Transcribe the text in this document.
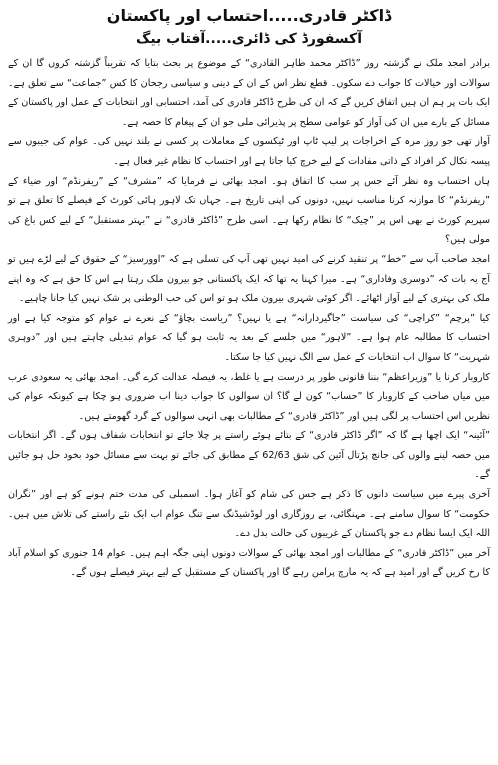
ڈاکٹر قادری.....احتساب اور پاکستان
آکسفورڈ کی ڈائری.....آفتاب بیگ

برادر امجد ملک نے گزشتہ روز ”ڈاکٹر محمد طاہر القادری“ کے موضوع پر بحث بتایا کہ تقریباً گزشتہ کروں گا ان کے سوالات اور خیالات کا جواب دے سکوں۔ قطع نظر اس کے ان کے دینی و سیاسی رجحان کا کس ”جماعت“ سے تعلق ہے۔ ایک بات پر ہم ان ہیں اتفاق کریں گے کہ ان کی طرح ڈاکٹر قادری کی آمد، احتسابی اور انتخابات کے عمل اور پاکستان کے مسائل کے بارے میں ان کی آواز کو عوامی سطح پر پذیرائی ملی جو ان کے پیغام کا حصہ ہے۔

آواز تھی جو روز مرہ کے اخراجات پر لیپ ٹاپ اور ٹیکسوں کے معاملات پر کسی نے بلند نہیں کی۔ عوام کی جیبوں سے پیسہ نکال کر افراد کے ذاتی مفادات کے لیے خرچ کیا جاتا ہے اور احتساب کا نظام غیر فعال ہے۔

ہاں احتساب وہ نظر آئے جس پر سب کا اتفاق ہو۔ امجد بھائی نے فرمایا کہ ”مشرف“ کے ”ریفرنڈم“ اور ضیاء کے ”ریفرنڈم“ کا موازنہ کرنا مناسب نہیں، دونوں کی اپنی تاریخ ہے۔ جہاں تک لاہور ہائی کورٹ کے فیصلے کا تعلق ہے تو سپریم کورٹ نے بھی اس پر ”چیک“ کا نظام رکھا ہے۔ اسی طرح ”ڈاکٹر قادری“ نے ”بہتر مستقبل“ کے لیے کس باغ کی مولی ہیں؟

امجد صاحب آپ سے ”خط“ پر تنقید کرنے کی امید نہیں تھی آپ کی تسلی ہے کہ ”اوورسیز“ کے حقوق کے لیے لڑے ہیں تو آج یہ بات کہ ”دوسری وفاداری“ ہے۔ میرا کہنا یہ تھا کہ ایک پاکستانی جو بیرون ملک رہتا ہے اس کا حق ہے کہ وہ اپنے ملک کی بہتری کے لیے آواز اٹھائے۔ اگر کوئی شہری بیرون ملک ہو تو اس کی حب الوطنی پر شک نہیں کیا جانا چاہیے۔

کیا ”پرچم“ ”کراچی“ کی سیاست ”جاگیردارانہ“ ہے یا نہیں؟ ”ریاست بچاؤ“ کے نعرے نے عوام کو متوجہ کیا ہے اور احتساب کا مطالبہ عام ہوا ہے۔ ”لاہور“ میں جلسے کے بعد یہ ثابت ہو گیا کہ عوام تبدیلی چاہتے ہیں اور ”دوہری شہریت“ کا سوال اب انتخابات کے عمل سے الگ نہیں کیا جا سکتا۔

کاروبار کرنا یا ”وزیراعظم“ بننا قانونی طور پر درست ہے یا غلط، یہ فیصلہ عدالت کرے گی۔ امجد بھائی یہ سعودی عرب میں میاں صاحب کے کاروبار کا ”حساب“ کون لے گا؟ ان سوالوں کا جواب دینا اب ضروری ہو چکا ہے کیونکہ عوام کی نظریں اس احتساب پر لگی ہیں اور ”ڈاکٹر قادری“ کے مطالبات بھی انہی سوالوں کے گرد گھومتے ہیں۔

”آئینہ“ ایک اچھا ہے گا کہ ”اگر ڈاکٹر قادری“ کے بتائے ہوئے راستے پر چلا جائے تو انتخابات شفاف ہوں گے۔ اگر انتخابات میں حصہ لینے والوں کی جانچ پڑتال آئین کی شق 62/63 کے مطابق کی جائے تو بہت سے مسائل خود بخود حل ہو جائیں گے۔

آخری پیرے میں سیاست دانوں کا ذکر ہے جس کی شام کو آغاز ہوا۔ اسمبلی کی مدت ختم ہونے کو ہے اور ”نگران حکومت“ کا سوال سامنے ہے۔ مہنگائی، بے روزگاری اور لوڈشیڈنگ سے تنگ عوام اب ایک نئے راستے کی تلاش میں ہیں۔ اللہ ایک ایسا نظام دے جو پاکستان کے غریبوں کی حالت بدل دے۔

آخر میں ”ڈاکٹر قادری“ کے مطالبات اور امجد بھائی کے سوالات دونوں اپنی جگہ اہم ہیں۔ عوام 14 جنوری کو اسلام آباد کا رخ کریں گے اور امید ہے کہ یہ مارچ پرامن رہے گا اور پاکستان کے مستقبل کے لیے بہتر فیصلے ہوں گے۔
